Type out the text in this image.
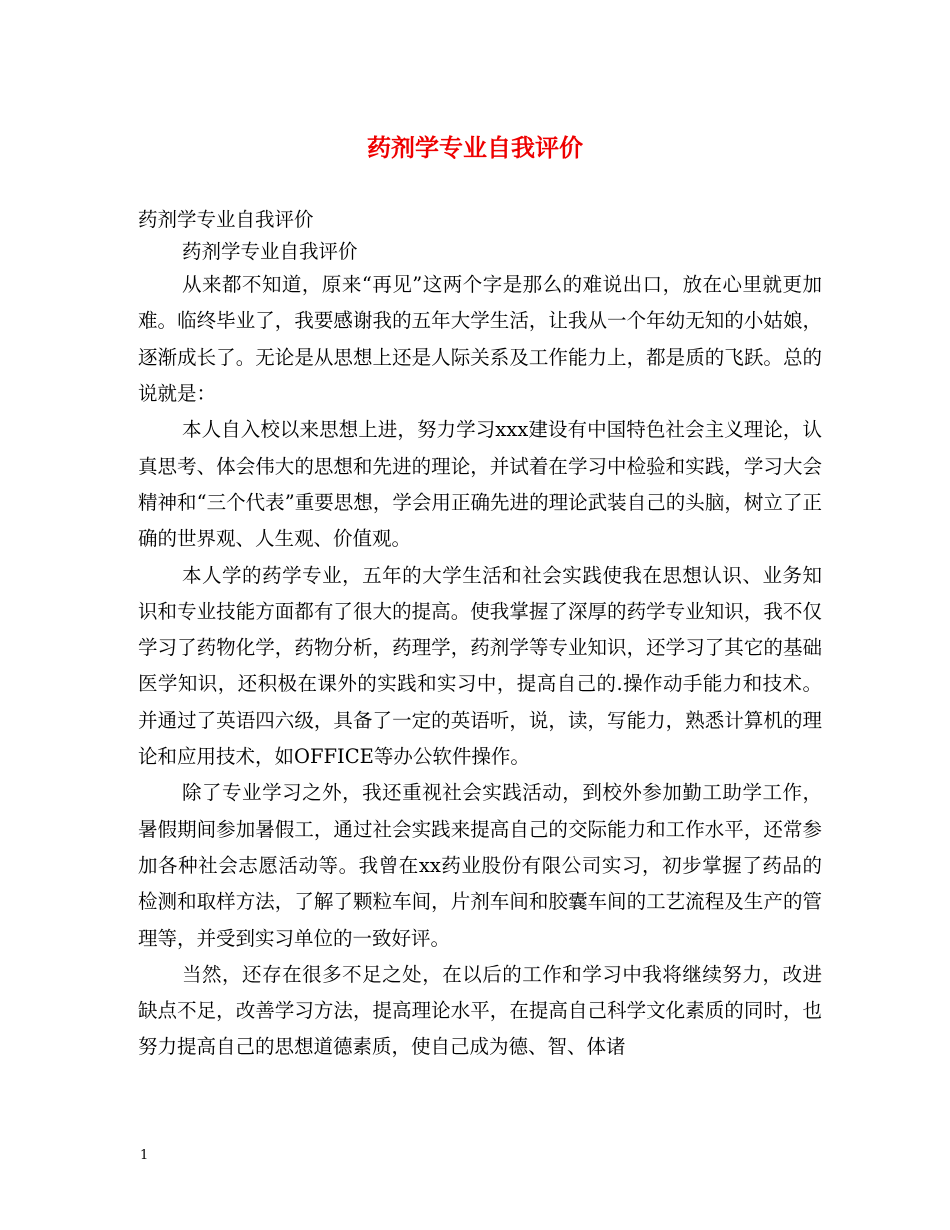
药剂学专业自我评价

药剂学专业自我评价

药剂学专业自我评价

从来都不知道，原来“再见”这两个字是那么的难说出口，放在心里就更加难。临终毕业了，我要感谢我的五年大学生活，让我从一个年幼无知的小姑娘，逐渐成长了。无论是从思想上还是人际关系及工作能力上，都是质的飞跃。总的说就是：

本人自入校以来思想上进，努力学习xxx建设有中国特色社会主义理论，认真思考、体会伟大的思想和先进的理论，并试着在学习中检验和实践，学习大会精神和“三个代表”重要思想，学会用正确先进的理论武装自己的头脑，树立了正确的世界观、人生观、价值观。

本人学的药学专业，五年的大学生活和社会实践使我在思想认识、业务知识和专业技能方面都有了很大的提高。使我掌握了深厚的药学专业知识，我不仅学习了药物化学，药物分析，药理学，药剂学等专业知识，还学习了其它的基础医学知识，还积极在课外的实践和实习中，提高自己的.操作动手能力和技术。并通过了英语四六级，具备了一定的英语听，说，读，写能力，熟悉计算机的理论和应用技术，如OFFICE等办公软件操作。

除了专业学习之外，我还重视社会实践活动，到校外参加勤工助学工作，暑假期间参加暑假工，通过社会实践来提高自己的交际能力和工作水平，还常参加各种社会志愿活动等。我曾在xx药业股份有限公司实习，初步掌握了药品的检测和取样方法，了解了颗粒车间，片剂车间和胶囊车间的工艺流程及生产的管理等，并受到实习单位的一致好评。

当然，还存在很多不足之处，在以后的工作和学习中我将继续努力，改进缺点不足，改善学习方法，提高理论水平，在提高自己科学文化素质的同时，也努力提高自己的思想道德素质，使自己成为德、智、体诸

1
